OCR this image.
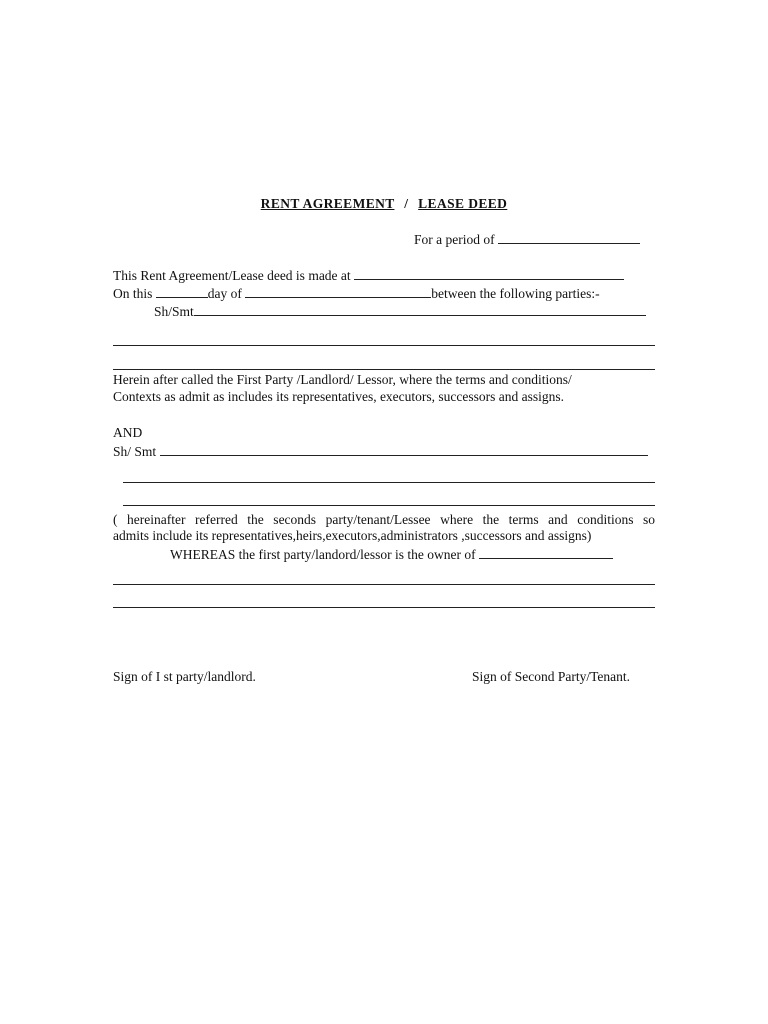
RENT AGREEMENT / LEASE DEED
For a period of
This Rent Agreement/Lease deed is made at
On this	day of	between the following parties:-
Sh/Smt
Herein after called the First Party /Landlord/ Lessor, where the terms and conditions/
Contexts as admit as includes its representatives, executors, successors and assigns.
AND
Sh/ Smt
( hereinafter referred the seconds party/tenant/Lessee where the terms and conditions so
admits include its representatives,heirs,executors,administrators ,successors and assigns)
WHEREAS the first party/landord/lessor is the owner of
Sign of I st party/landlord.	Sign of Second Party/Tenant.
